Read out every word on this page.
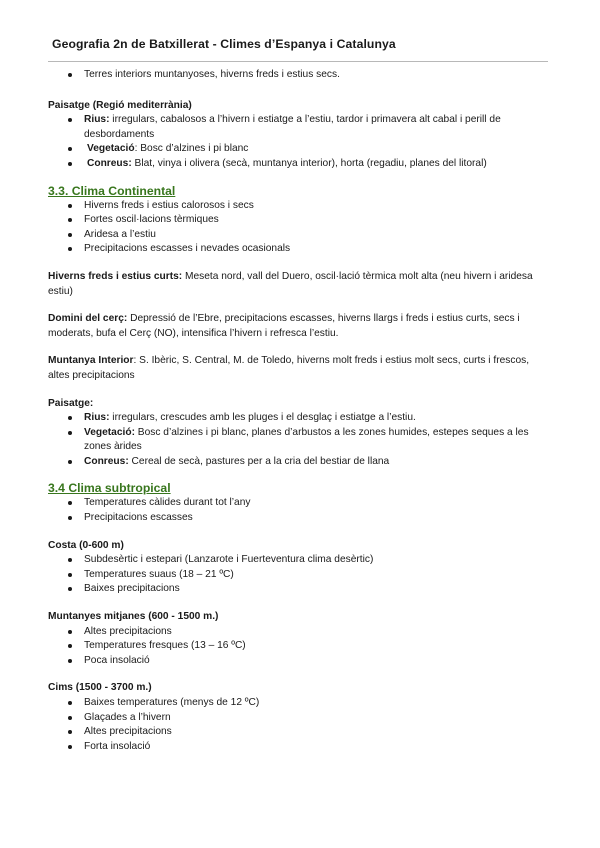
Geografia 2n de Batxillerat - Climes d’Espanya i Catalunya
Terres interiors muntanyoses, hiverns freds i estius secs.

Paisatge (Regió mediterrània)

Rius: irregulars, cabalosos a l’hivern i estiatge a l’estiu, tardor i primavera alt cabal i perill de desbordaments
Vegetació: Bosc d’alzines i pi blanc
Conreus: Blat, vinya i olivera (secà, muntanya interior), horta (regadiu, planes del litoral)

3.3. Clima Continental

Hiverns freds i estius calorosos i secs
Fortes oscil·lacions tèrmiques
Aridesa a l’estiu
Precipitacions escasses i nevades ocasionals

Hiverns freds i estius curts: Meseta nord, vall del Duero, oscil·lació tèrmica molt alta (neu hivern i aridesa estiu)

Domini del cerç: Depressió de l’Ebre, precipitacions escasses, hiverns llargs i freds i estius curts, secs i moderats, bufa el Cerç (NO), intensifica l’hivern i refresca l’estiu.

Muntanya Interior: S. Ibèric, S. Central, M. de Toledo, hiverns molt freds i estius molt secs, curts i frescos, altes precipitacions

Paisatge:

Rius: irregulars, crescudes amb les pluges i el desglaç i estiatge a l’estiu.
Vegetació: Bosc d’alzines i pi blanc, planes d’arbustos a les zones humides, estepes seques a les zones àrides
Conreus: Cereal de secà, pastures per a la cria del bestiar de llana

3.4 Clima subtropical

Temperatures càlides durant tot l’any
Precipitacions escasses

Costa (0-600 m)

Subdesèrtic i estepari (Lanzarote i Fuerteventura clima desèrtic)
Temperatures suaus (18 – 21 ºC)
Baixes precipitacions

Muntanyes mitjanes (600 - 1500 m.)

Altes precipitacions
Temperatures fresques (13 – 16 ºC)
Poca insolació

Cims (1500 - 3700 m.)

Baixes temperatures (menys de 12 ºC)
Glaçades a l’hivern
Altes precipitacions
Forta insolació
